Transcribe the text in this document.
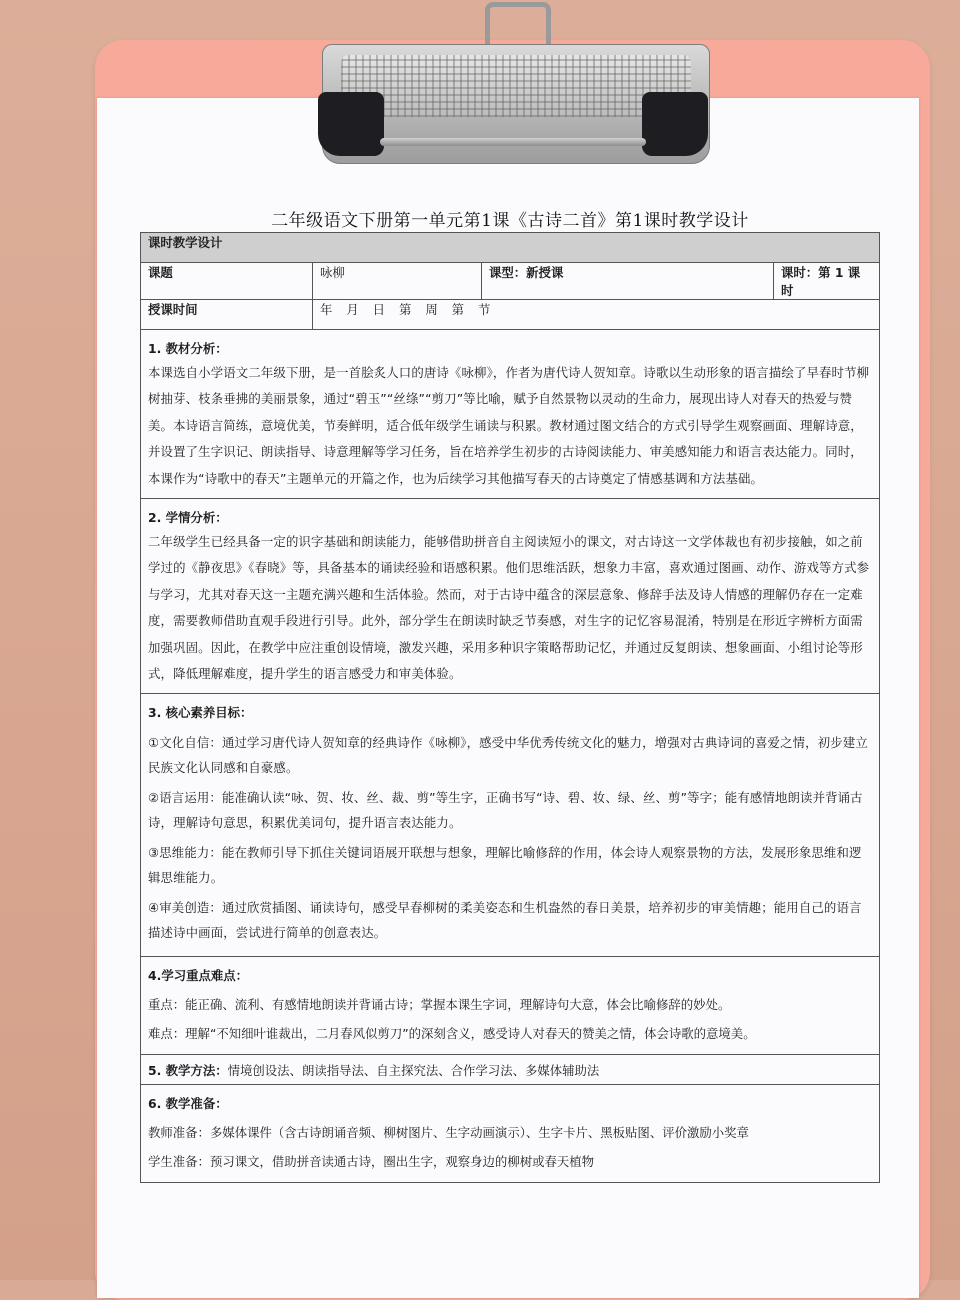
二年级语文下册第一单元第1课《古诗二首》第1课时教学设计
课时教学设计			
课题	咏柳	课型：新授课	课时：第 1 课时
授课时间	年 月 日 第 周 第 节		

1. 教材分析：
本课选自小学语文二年级下册，是一首脍炙人口的唐诗《咏柳》，作者为唐代诗人贺知章。诗歌以生动形象的语言描绘了早春时节柳树抽芽、枝条垂拂的美丽景象，通过“碧玉”“丝绦”“剪刀”等比喻，赋予自然景物以灵动的生命力，展现出诗人对春天的热爱与赞美。本诗语言简练，意境优美，节奏鲜明，适合低年级学生诵读与积累。教材通过图文结合的方式引导学生观察画面、理解诗意，并设置了生字识记、朗读指导、诗意理解等学习任务，旨在培养学生初步的古诗阅读能力、审美感知能力和语言表达能力。同时，本课作为“诗歌中的春天”主题单元的开篇之作，也为后续学习其他描写春天的古诗奠定了情感基调和方法基础。			

2. 学情分析：
二年级学生已经具备一定的识字基础和朗读能力，能够借助拼音自主阅读短小的课文，对古诗这一文学体裁也有初步接触，如之前学过的《静夜思》《春晓》等，具备基本的诵读经验和语感积累。他们思维活跃，想象力丰富，喜欢通过图画、动作、游戏等方式参与学习，尤其对春天这一主题充满兴趣和生活体验。然而，对于古诗中蕴含的深层意象、修辞手法及诗人情感的理解仍存在一定难度，需要教师借助直观手段进行引导。此外，部分学生在朗读时缺乏节奏感，对生字的记忆容易混淆，特别是在形近字辨析方面需加强巩固。因此，在教学中应注重创设情境，激发兴趣，采用多种识字策略帮助记忆，并通过反复朗读、想象画面、小组讨论等形式，降低理解难度，提升学生的语言感受力和审美体验。			

3. 核心素养目标：
①文化自信：通过学习唐代诗人贺知章的经典诗作《咏柳》，感受中华优秀传统文化的魅力，增强对古典诗词的喜爱之情，初步建立民族文化认同感和自豪感。
②语言运用：能准确认读“咏、贺、妆、丝、裁、剪”等生字，正确书写“诗、碧、妆、绿、丝、剪”等字；能有感情地朗读并背诵古诗，理解诗句意思，积累优美词句，提升语言表达能力。
③思维能力：能在教师引导下抓住关键词语展开联想与想象，理解比喻修辞的作用，体会诗人观察景物的方法，发展形象思维和逻辑思维能力。
④审美创造：通过欣赏插图、诵读诗句，感受早春柳树的柔美姿态和生机盎然的春日美景，培养初步的审美情趣；能用自己的语言描述诗中画面，尝试进行简单的创意表达。			

4.学习重点难点：
重点：能正确、流利、有感情地朗读并背诵古诗；掌握本课生字词，理解诗句大意，体会比喻修辞的妙处。
难点：理解“不知细叶谁裁出，二月春风似剪刀”的深刻含义，感受诗人对春天的赞美之情，体会诗歌的意境美。			

5. 教学方法：情境创设法、朗读指导法、自主探究法、合作学习法、多媒体辅助法			

6. 教学准备：
教师准备：多媒体课件（含古诗朗诵音频、柳树图片、生字动画演示）、生字卡片、黑板贴图、评价激励小奖章
学生准备：预习课文，借助拼音读通古诗，圈出生字，观察身边的柳树或春天植物			
